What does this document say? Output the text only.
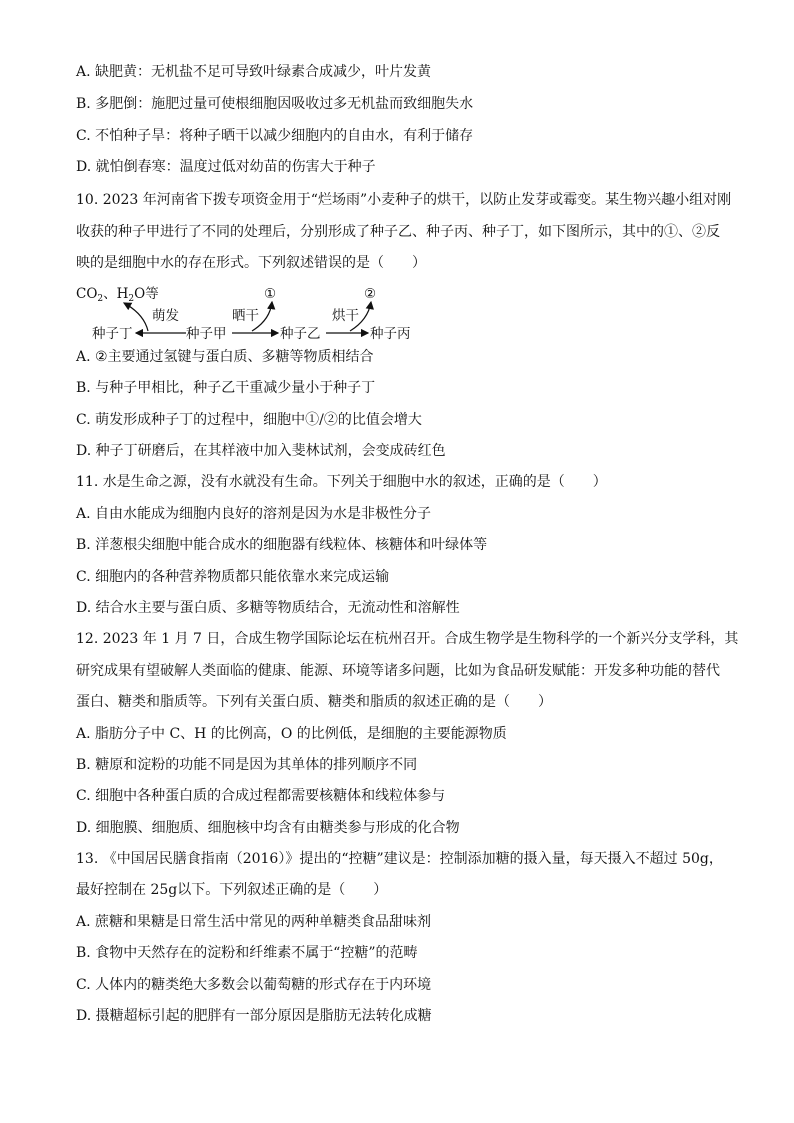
A. 缺肥黄：无机盐不足可导致叶绿素合成减少，叶片发黄
B. 多肥倒：施肥过量可使根细胞因吸收过多无机盐而致细胞失水
C. 不怕种子旱：将种子晒干以减少细胞内的自由水，有利于储存
D. 就怕倒春寒：温度过低对幼苗的伤害大于种子
10. 2023 年河南省下拨专项资金用于“烂场雨”小麦种子的烘干，以防止发芽或霉变。某生物兴趣小组对刚
收获的种子甲进行了不同的处理后，分别形成了种子乙、种子丙、种子丁，如下图所示，其中的①、②反
映的是细胞中水的存在形式。下列叙述错误的是（　　）
$CO_2$、$H_2O$等	①	②
萌发	晒干	烘干
种子丁	种子甲	种子乙	种子丙
A. ②主要通过氢键与蛋白质、多糖等物质相结合
B. 与种子甲相比，种子乙干重减少量小于种子丁
C. 萌发形成种子丁的过程中，细胞中①/②的比值会增大
D. 种子丁研磨后，在其样液中加入斐林试剂，会变成砖红色
11. 水是生命之源，没有水就没有生命。下列关于细胞中水的叙述，正确的是（　　）
A. 自由水能成为细胞内良好的溶剂是因为水是非极性分子
B. 洋葱根尖细胞中能合成水的细胞器有线粒体、核糖体和叶绿体等
C. 细胞内的各种营养物质都只能依靠水来完成运输
D. 结合水主要与蛋白质、多糖等物质结合，无流动性和溶解性
12. 2023 年 1 月 7 日，合成生物学国际论坛在杭州召开。合成生物学是生物科学的一个新兴分支学科，其
研究成果有望破解人类面临的健康、能源、环境等诸多问题，比如为食品研发赋能：开发多种功能的替代
蛋白、糖类和脂质等。下列有关蛋白质、糖类和脂质的叙述正确的是（　　）
A. 脂肪分子中 C、H 的比例高，O 的比例低，是细胞的主要能源物质
B. 糖原和淀粉的功能不同是因为其单体的排列顺序不同
C. 细胞中各种蛋白质的合成过程都需要核糖体和线粒体参与
D. 细胞膜、细胞质、细胞核中均含有由糖类参与形成的化合物
13. 《中国居民膳食指南（2016）》提出的“控糖”建议是：控制添加糖的摄入量，每天摄入不超过 50g，
最好控制在 25g以下。下列叙述正确的是（　　）
A. 蔗糖和果糖是日常生活中常见的两种单糖类食品甜味剂
B. 食物中天然存在的淀粉和纤维素不属于“控糖”的范畴
C. 人体内的糖类绝大多数会以葡萄糖的形式存在于内环境
D. 摄糖超标引起的肥胖有一部分原因是脂肪无法转化成糖
